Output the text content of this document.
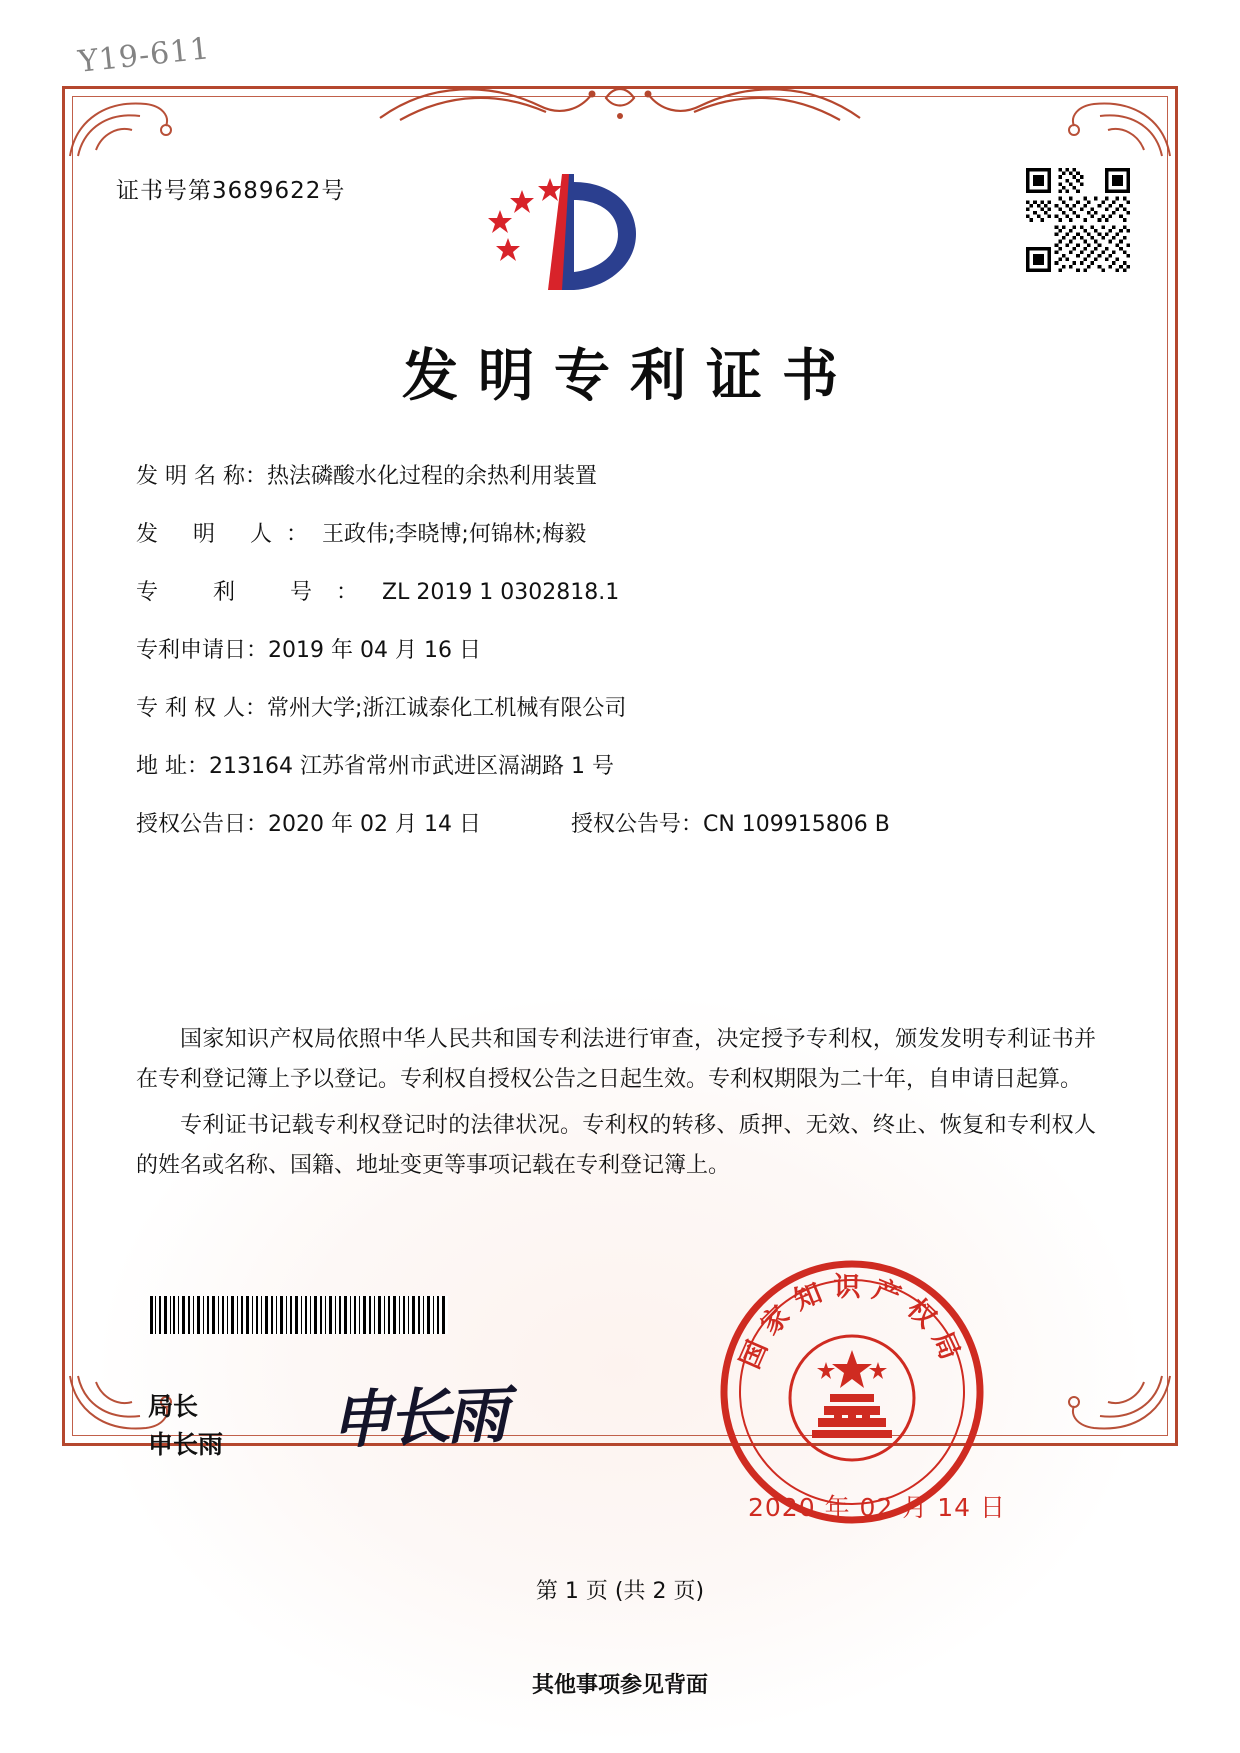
Y19-611
证书号第3689622号
发明专利证书
发 明 名 称： 热法磷酸水化过程的余热利用装置
发 明 人： 王政伟;李晓博;何锦林;梅毅
专 利 号： ZL 2019 1 0302818.1
专利申请日： 2019 年 04 月 16 日
专 利 权 人： 常州大学;浙江诚泰化工机械有限公司
地 址： 213164 江苏省常州市武进区滆湖路 1 号
授权公告日： 2020 年 02 月 14 日	授权公告号： CN 109915806 B

国家知识产权局依照中华人民共和国专利法进行审查，决定授予专利权，颁发发明专利证书并在专利登记簿上予以登记。专利权自授权公告之日起生效。专利权期限为二十年，自申请日起算。

专利证书记载专利权登记时的法律状况。专利权的转移、质押、无效、终止、恢复和专利权人的姓名或名称、国籍、地址变更等事项记载在专利登记簿上。

局长
申长雨 申长雨
国家知识产权局
2020 年 02 月 14 日
第 1 页 (共 2 页)
其他事项参见背面
